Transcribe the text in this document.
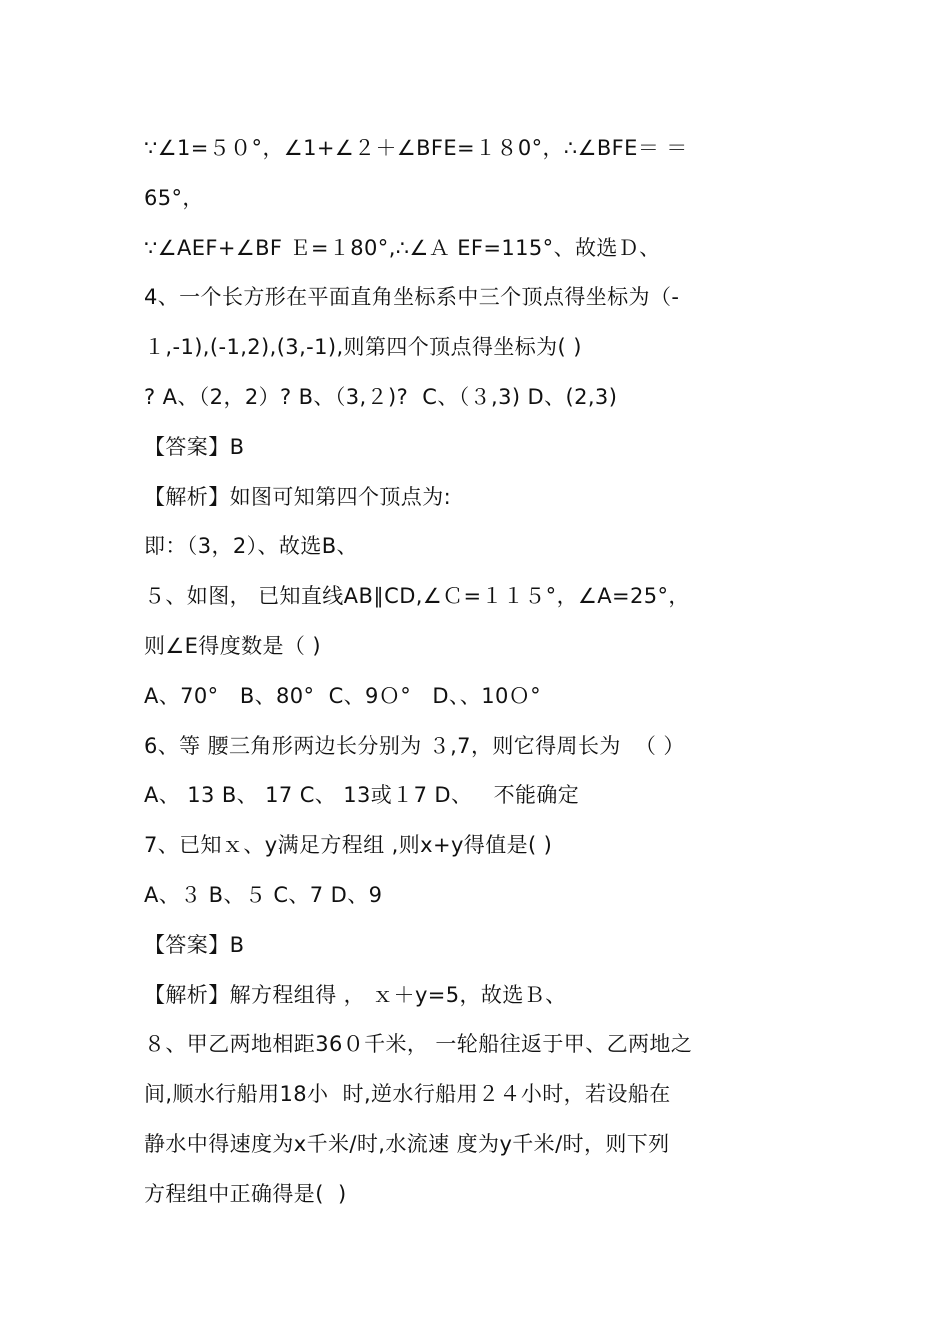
∵∠1=５０°，∠1+∠２＋∠BFE=１８0°，∴∠BFE＝ ＝
65°，
∵∠AEF+∠BF Ｅ=１80°,∴∠Ａ EF=115°、故选Ｄ、
4、一个长方形在平面直角坐标系中三个顶点得坐标为（-
１,-1),(-1,2),(3,-1),则第四个顶点得坐标为( )
? A、（2，2）? B、（3,２)?  C、（３,3) D、(2,3)
【答案】B
【解析】如图可知第四个顶点为:
即：（3，2）、故选B、
５、如图， 已知直线AB∥CD,∠Ｃ=１１５°，∠A=25°，
则∠E得度数是（ )
A、70°   B、80°  C、9Ｏ°   D、、10Ｏ°
6、等 腰三角形两边长分别为 ３,7，则它得周长为  （ ）
A、 13 B、 17 C、 13或１7 D、   不能确定
7、已知ｘ、y满足方程组 ,则x+y得值是( )
A、３ B、５ C、7 D、9
【答案】B
【解析】解方程组得 ， ｘ＋y=5，故选Ｂ、
８、甲乙两地相距36０千米， 一轮船往返于甲、乙两地之
间,顺水行船用18小  时,逆水行船用２４小时，若设船在
静水中得速度为x千米/时,水流速 度为y千米/时，则下列
方程组中正确得是(  )
